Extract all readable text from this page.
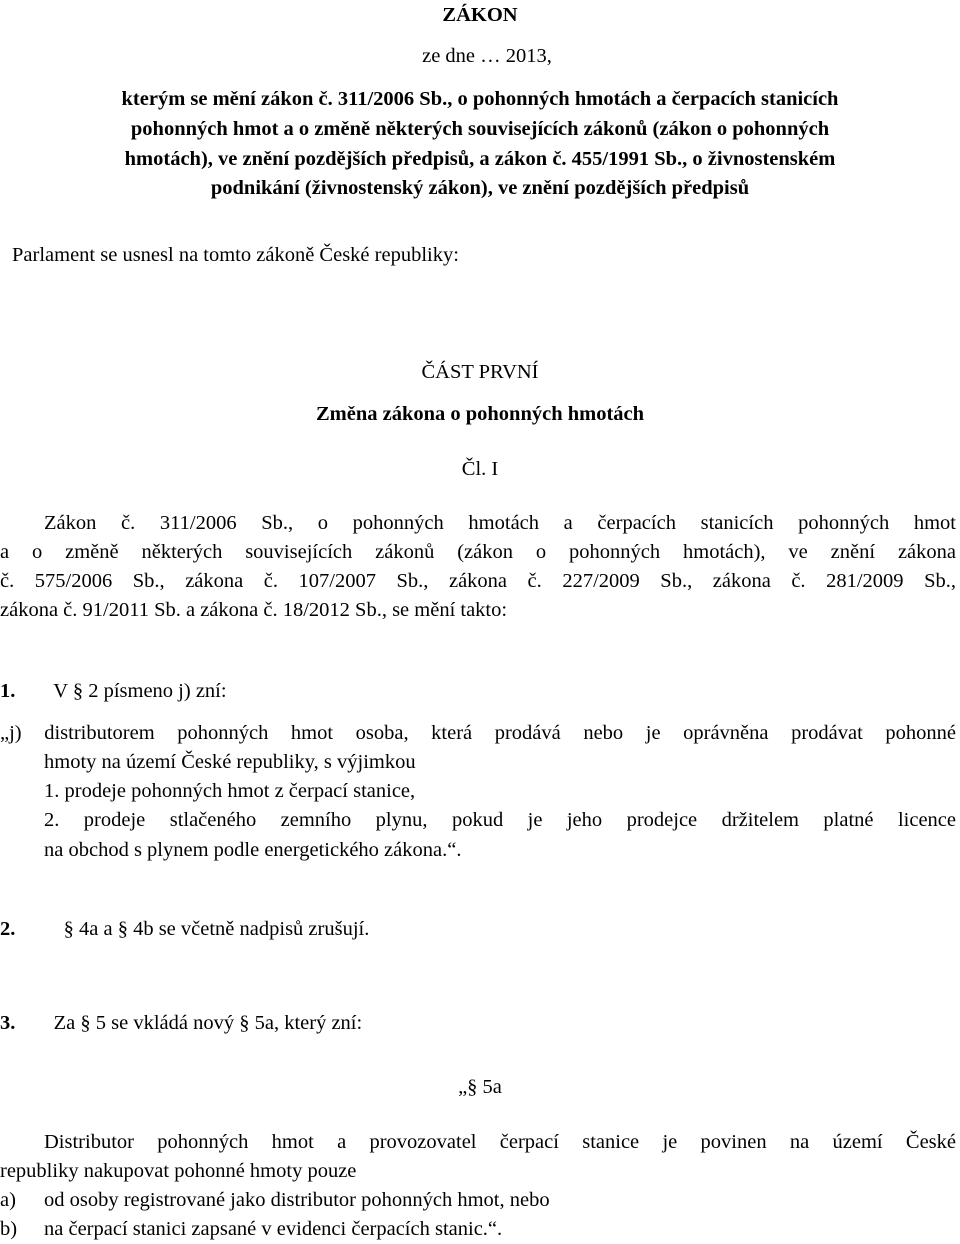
ZÁKON
ze dne … 2013,
kterým se mění zákon č. 311/2006 Sb., o pohonných hmotách a čerpacích stanicích
pohonných hmot a o změně některých souvisejících zákonů (zákon o pohonných
hmotách), ve znění pozdějších předpisů, a zákon č. 455/1991 Sb., o živnostenském
podnikání (živnostenský zákon), ve znění pozdějších předpisů
Parlament se usnesl na tomto zákoně České republiky:
ČÁST PRVNÍ
Změna zákona o pohonných hmotách
Čl. I
Zákon č. 311/2006 Sb., o pohonných hmotách a čerpacích stanicích pohonných hmot
a o změně některých souvisejících zákonů (zákon o pohonných hmotách), ve znění zákona
č. 575/2006 Sb., zákona č. 107/2007 Sb., zákona č. 227/2009 Sb., zákona č. 281/2009 Sb.,
zákona č. 91/2011 Sb. a zákona č. 18/2012 Sb., se mění takto:
1. V § 2 písmeno j) zní:
„j) distributorem pohonných hmot osoba, která prodává nebo je oprávněna prodávat pohonné
hmoty na území České republiky, s výjimkou
1. prodeje pohonných hmot z čerpací stanice,
2. prodeje stlačeného zemního plynu, pokud je jeho prodejce držitelem platné licence
na obchod s plynem podle energetického zákona.“.
2. § 4a a § 4b se včetně nadpisů zrušují.
3. Za § 5 se vkládá nový § 5a, který zní:
„§ 5a
Distributor pohonných hmot a provozovatel čerpací stanice je povinen na území České
republiky nakupovat pohonné hmoty pouze
a) od osoby registrované jako distributor pohonných hmot, nebo
b) na čerpací stanici zapsané v evidenci čerpacích stanic.“.
